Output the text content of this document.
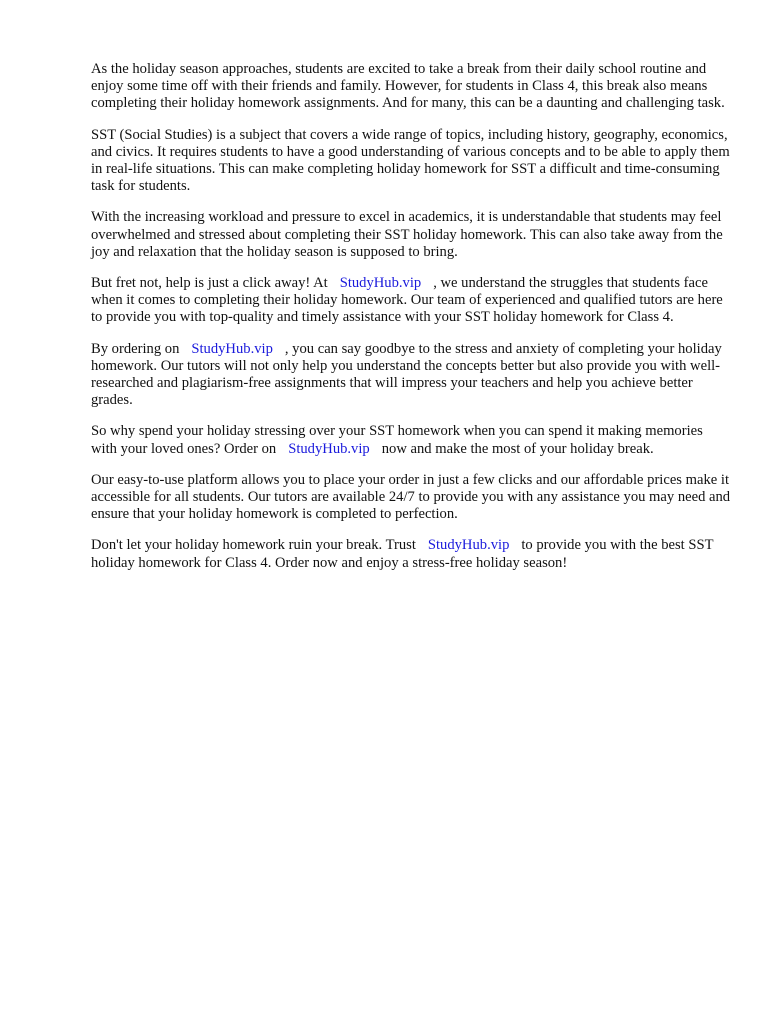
As the holiday season approaches, students are excited to take a break from their daily school routine and enjoy some time off with their friends and family. However, for students in Class 4, this break also means completing their holiday homework assignments. And for many, this can be a daunting and challenging task.

SST (Social Studies) is a subject that covers a wide range of topics, including history, geography, economics, and civics. It requires students to have a good understanding of various concepts and to be able to apply them in real-life situations. This can make completing holiday homework for SST a difficult and time-consuming task for students.

With the increasing workload and pressure to excel in academics, it is understandable that students may feel overwhelmed and stressed about completing their SST holiday homework. This can also take away from the joy and relaxation that the holiday season is supposed to bring.

But fret not, help is just a click away! At StudyHub.vip , we understand the struggles that students face when it comes to completing their holiday homework. Our team of experienced and qualified tutors are here to provide you with top-quality and timely assistance with your SST holiday homework for Class 4.

By ordering on StudyHub.vip , you can say goodbye to the stress and anxiety of completing your holiday homework. Our tutors will not only help you understand the concepts better but also provide you with well-researched and plagiarism-free assignments that will impress your teachers and help you achieve better grades.

So why spend your holiday stressing over your SST homework when you can spend it making memories with your loved ones? Order on StudyHub.vip now and make the most of your holiday break.

Our easy-to-use platform allows you to place your order in just a few clicks and our affordable prices make it accessible for all students. Our tutors are available 24/7 to provide you with any assistance you may need and ensure that your holiday homework is completed to perfection.

Don't let your holiday homework ruin your break. Trust StudyHub.vip to provide you with the best SST holiday homework for Class 4. Order now and enjoy a stress-free holiday season!
